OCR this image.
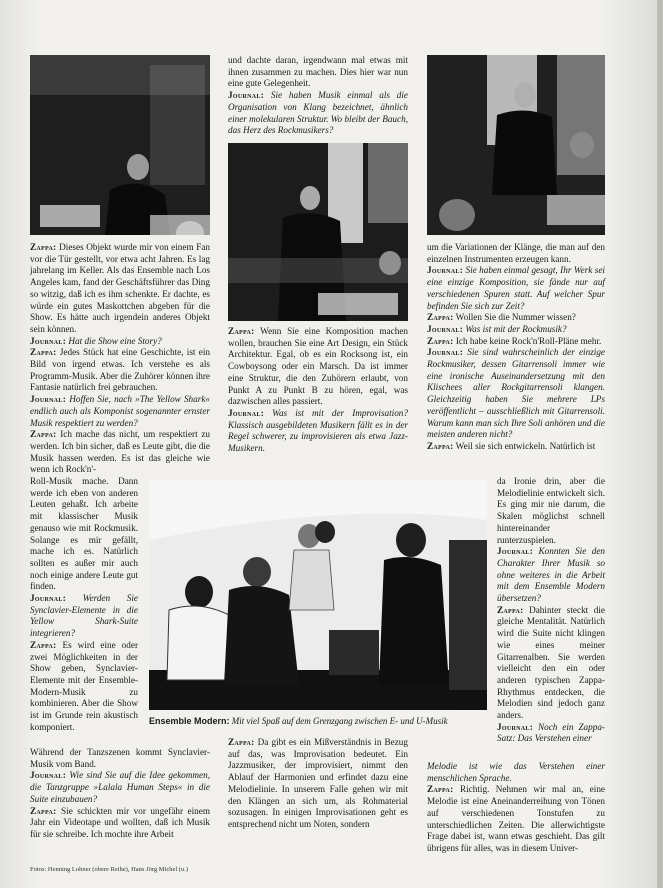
Zappa: Dieses Objekt wurde mir von einem Fan vor die Tür gestellt, vor etwa acht Jahren. Es lag jahrelang im Keller. Als das Ensemble nach Los Angeles kam, fand der Geschäftsführer das Ding so witzig, daß ich es ihm schenkte. Er dachte, es würde ein gutes Maskottchen abgeben für die Show. Es hätte auch irgendein anderes Objekt sein können.

Journal: Hat die Show eine Story?

Zappa: Jedes Stück hat eine Geschichte, ist ein Bild von irgend etwas. Ich verstehe es als Programm-Musik. Aber die Zuhörer können ihre Fantasie natürlich frei gebrauchen.

Journal: Hoffen Sie, nach »The Yellow Shark« endlich auch als Komponist sogenannter ernster Musik respektiert zu werden?

Zappa: Ich mache das nicht, um respektiert zu werden. Ich bin sicher, daß es Leute gibt, die die Musik hassen werden. Es ist das gleiche wie wenn ich Rock'n'-

Roll-Musik mache. Dann werde ich eben von anderen Leuten gehaßt. Ich arbeite mit klassischer Musik genauso wie mit Rockmusik. Solange es mir gefällt, mache ich es. Natürlich sollten es außer mir auch noch einige andere Leute gut finden.

Journal: Werden Sie Synclavier-Elemente in die Yellow Shark-Suite integrieren?

Zappa: Es wird eine oder zwei Möglichkeiten in der Show geben, Synclavier-Elemente mit der Ensemble-Modern-Musik zu kombinieren. Aber die Show ist im Grunde rein akustisch komponiert.

Während der Tanzszenen kommt Synclavier-Musik vom Band.

Journal: Wie sind Sie auf die Idee gekommen, die Tanzgruppe »Lalala Human Steps« in die Suite einzubauen?

Zappa: Sie schickten mir vor ungefähr einem Jahr ein Videotape und wollten, daß ich Musik für sie schreibe. Ich mochte ihre Arbeit

und dachte daran, irgendwann mal etwas mit ihnen zusammen zu machen. Dies hier war nun eine gute Gelegenheit.

Journal: Sie haben Musik einmal als die Organisation von Klang bezeichnet, ähnlich einer molekularen Struktur. Wo bleibt der Bauch, das Herz des Rockmusikers?

Zappa: Wenn Sie eine Komposition machen wollen, brauchen Sie eine Art Design, ein Stück Architektur. Egal, ob es ein Rocksong ist, ein Cowboysong oder ein Marsch. Da ist immer eine Struktur, die den Zuhörern erlaubt, von Punkt A zu Punkt B zu hören, egal, was dazwischen alles passiert.

Journal: Was ist mit der Improvisation? Klassisch ausgebildeten Musikern fällt es in der Regel schwerer, zu improvisieren als etwa Jazz-Musikern.

Zappa: Da gibt es ein Mißverständnis in Bezug auf das, was Improvisation bedeutet. Ein Jazzmusiker, der improvisiert, nimmt den Ablauf der Harmonien und erfindet dazu eine Melodielinie. In unserem Falle gehen wir mit den Klängen an sich um, als Rohmaterial sozusagen. In einigen Improvisationen geht es entsprechend nicht um Noten, sondern

um die Variationen der Klänge, die man auf den einzelnen Instrumenten erzeugen kann.

Journal: Sie haben einmal gesagt, Ihr Werk sei eine einzige Komposition, sie fände nur auf verschiedenen Spuren statt. Auf welcher Spur befinden Sie sich zur Zeit?

Zappa: Wollen Sie die Nummer wissen?

Journal: Was ist mit der Rockmusik?

Zappa: Ich habe keine Rock'n'Roll-Pläne mehr.

Journal: Sie sind wahrscheinlich der einzige Rockmusiker, dessen Gitarrensoli immer wie eine ironische Auseinandersetzung mit den Klischees aller Rockgitarrensoli klangen. Gleichzeitig haben Sie mehrere LPs veröffentlicht – ausschließlich mit Gitarrensoli. Warum kann man sich Ihre Soli anhören und die meisten anderen nicht?

Zappa: Weil sie sich entwickeln. Natürlich ist

da Ironie drin, aber die Melodielinie entwickelt sich. Es ging mir nie darum, die Skalen möglichst schnell hintereinander runterzuspielen.

Journal: Konnten Sie den Charakter Ihrer Musik so ohne weiteres in die Arbeit mit dem Ensemble Modern übersetzen?

Zappa: Dahinter steckt die gleiche Mentalität. Natürlich wird die Suite nicht klingen wie eines meiner Gitarrenalben. Sie werden vielleicht den ein oder anderen typischen Zappa-Rhythmus entdecken, die Melodien sind jedoch ganz anders.

Journal: Noch ein Zappa-Satz: Das Verstehen einer

Melodie ist wie das Verstehen einer menschlichen Sprache.

Zappa: Richtig. Nehmen wir mal an, eine Melodie ist eine Aneinanderreihung von Tönen auf verschiedenen Tonstufen zu unterschiedlichen Zeiten. Die allerwichtigste Frage dabei ist, wann etwas geschieht. Das gilt übrigens für alles, was in diesem Univer-

Ensemble Modern: Mit viel Spaß auf dem Grenzgang zwischen E- und U-Musik
Fotos: Henning Lohner (obere Reihe), Hans Jörg Michel (u.)
